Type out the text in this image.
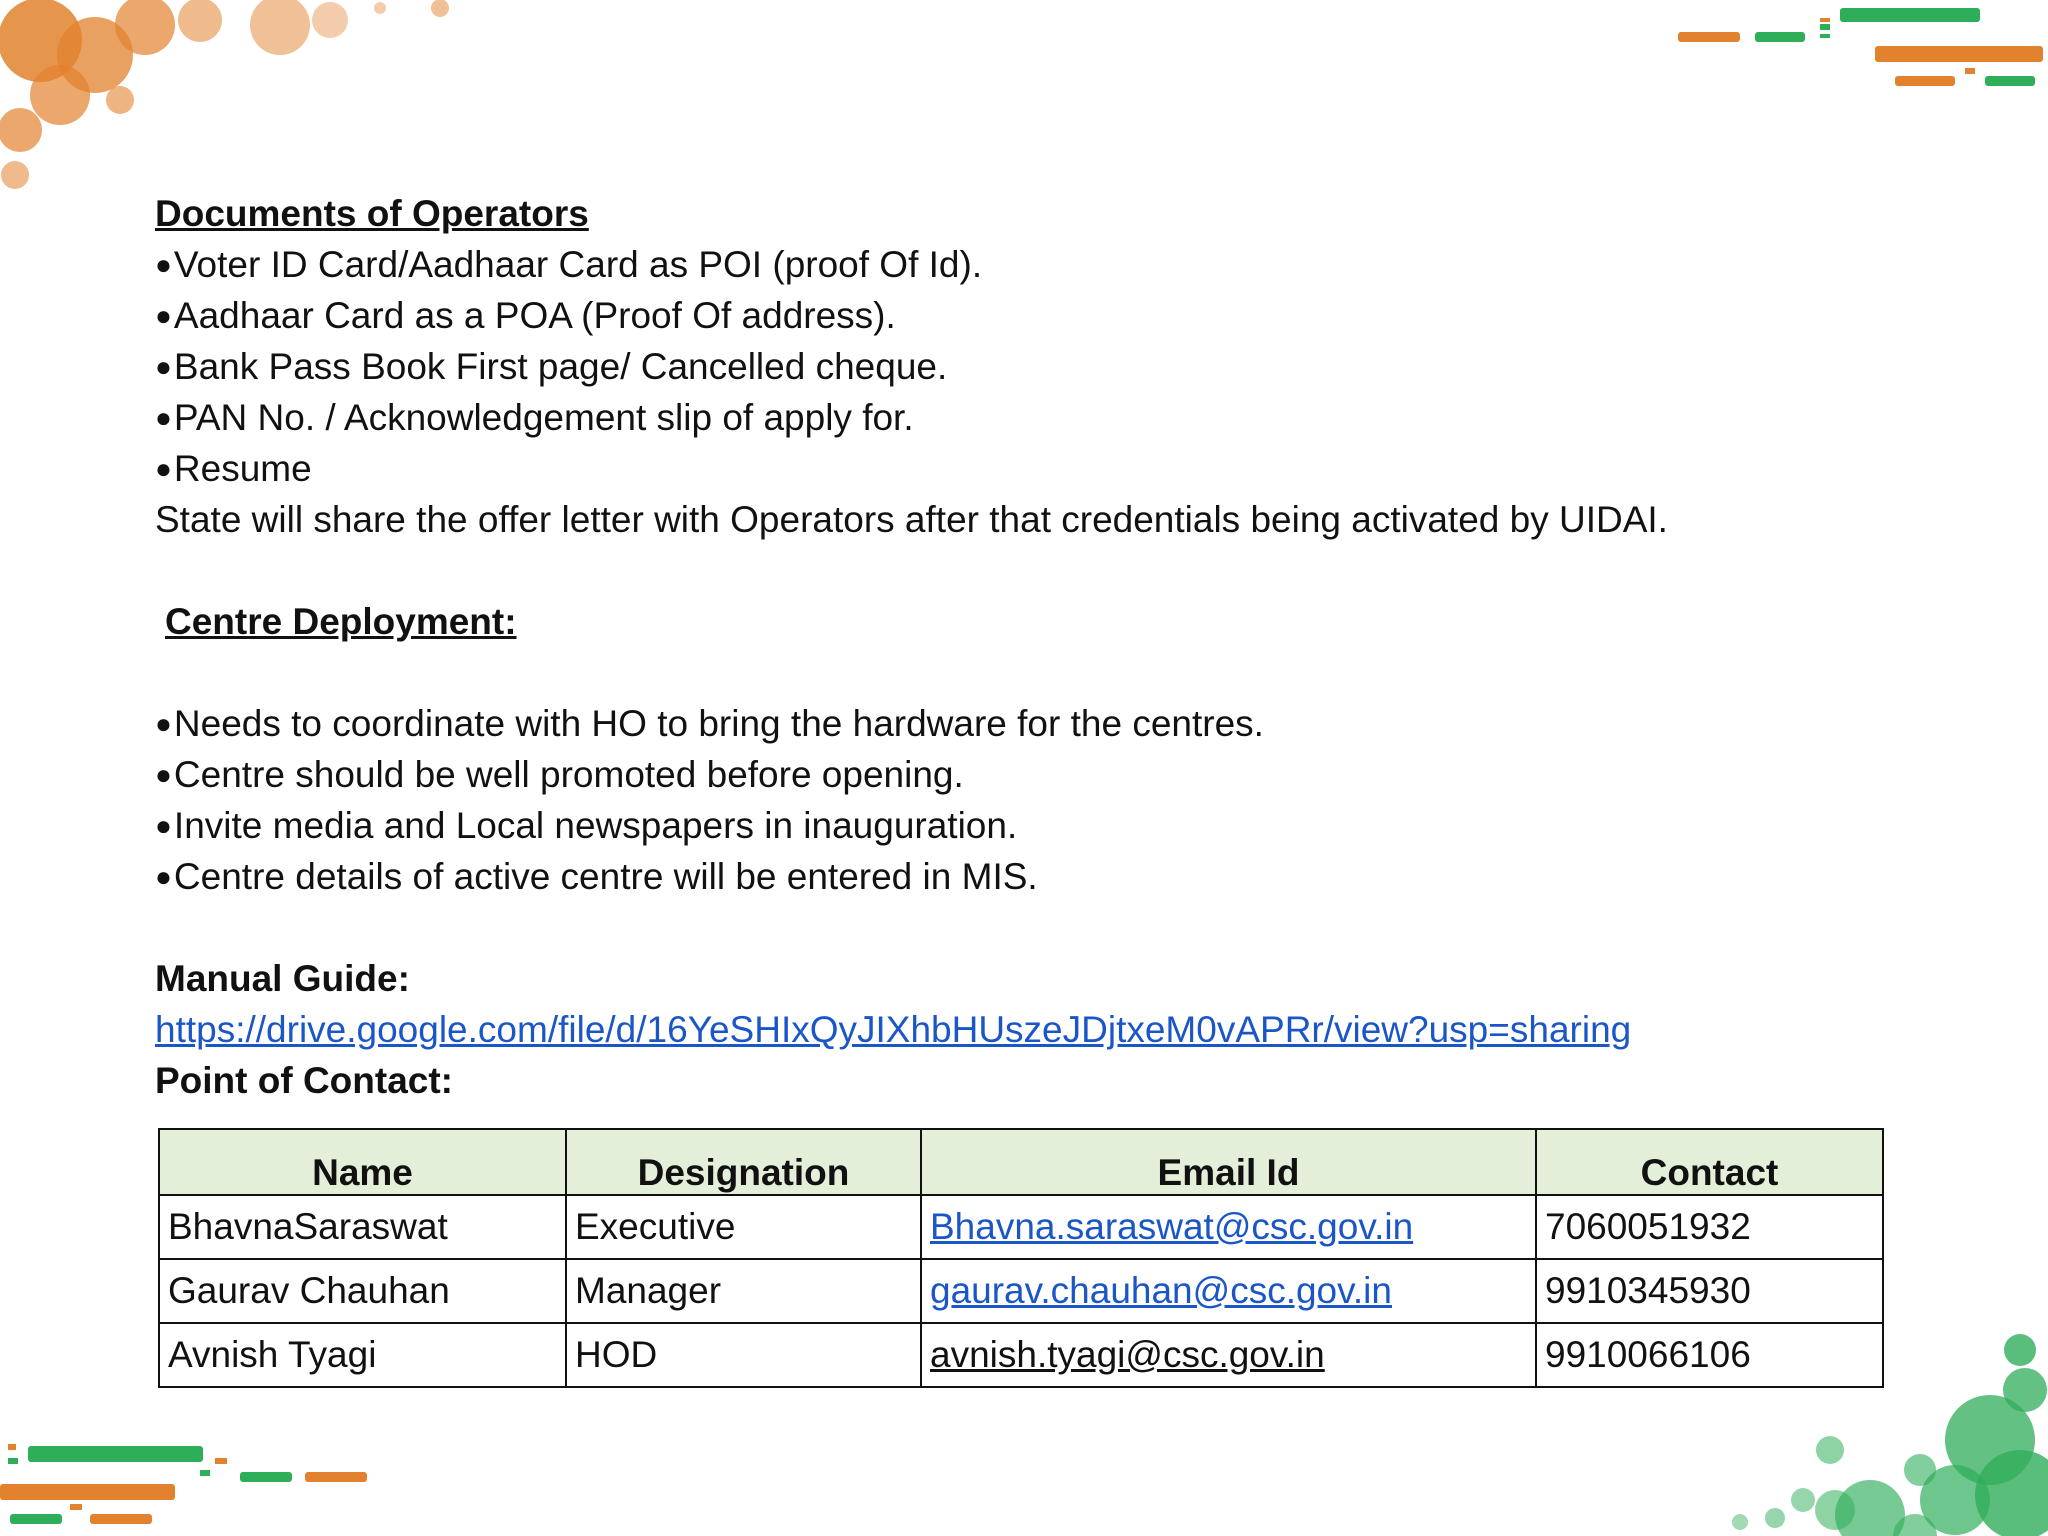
Documents of Operators
●Voter ID Card/Aadhaar Card as POI (proof Of Id).
●Aadhaar Card as a POA (Proof Of address).
●Bank Pass Book First page/ Cancelled cheque.
●PAN No. / Acknowledgement slip of apply for.
●Resume
State will share the offer letter with Operators after that credentials being activated by UIDAI.
Centre Deployment:
●Needs to coordinate with HO to bring the hardware for the centres.
●Centre should be well promoted before opening.
●Invite media and Local newspapers in inauguration.
●Centre details of active centre will be entered in MIS.
Manual Guide:
https://drive.google.com/file/d/16YeSHIxQyJIXhbHUszeJDjtxeM0vAPRr/view?usp=sharing
Point of Contact:
Name	Designation	Email Id	Contact
BhavnaSaraswat	Executive	Bhavna.saraswat@csc.gov.in	7060051932
Gaurav Chauhan	Manager	gaurav.chauhan@csc.gov.in	9910345930
Avnish Tyagi	HOD	avnish.tyagi@csc.gov.in	9910066106
